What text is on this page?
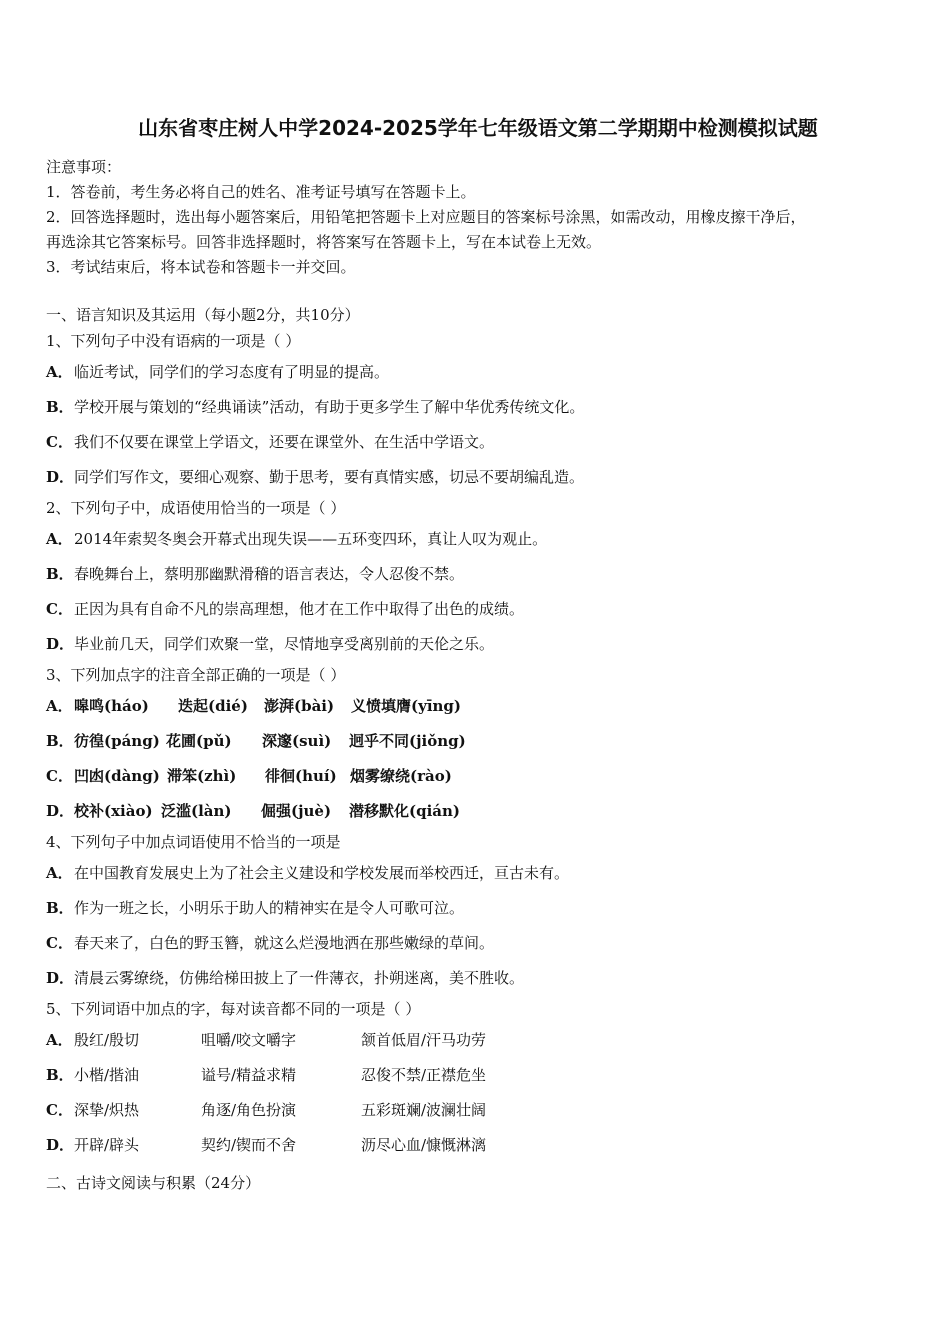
山东省枣庄树人中学2024-2025学年七年级语文第二学期期中检测模拟试题
注意事项：
1．答卷前，考生务必将自己的姓名、准考证号填写在答题卡上。
2．回答选择题时，选出每小题答案后，用铅笔把答题卡上对应题目的答案标号涂黑，如需改动，用橡皮擦干净后，
再选涂其它答案标号。回答非选择题时，将答案写在答题卡上，写在本试卷上无效。
3．考试结束后，将本试卷和答题卡一并交回。
一、语言知识及其运用（每小题2分，共10分）
1、下列句子中没有语病的一项是（ ）
A．临近考试，同学们的学习态度有了明显的提高。
B．学校开展与策划的“经典诵读”活动，有助于更多学生了解中华优秀传统文化。
C．我们不仅要在课堂上学语文，还要在课堂外、在生活中学语文。
D．同学们写作文，要细心观察、勤于思考，要有真情实感，切忌不要胡编乱造。
2、下列句子中，成语使用恰当的一项是（ ）
A．2014年索契冬奥会开幕式出现失误——五环变四环，真让人叹为观止。
B．春晚舞台上，蔡明那幽默滑稽的语言表达，令人忍俊不禁。
C．正因为具有自命不凡的崇高理想，他才在工作中取得了出色的成绩。
D．毕业前几天，同学们欢聚一堂，尽情地享受离别前的天伦之乐。
3、下列加点字的注音全部正确的一项是（ ）
A．嗥鸣(háo) 迭起(dié) 澎湃(bài) 义愤填膺(yīng)
B．彷徨(páng) 花圃(pǔ) 深邃(suì) 迥乎不同(jiǒng)
C．凹凼(dàng) 滞笨(zhì) 徘徊(huí) 烟雾缭绕(rào)
D．校补(xiào) 泛滥(làn) 倔强(juè) 潜移默化(qián)
4、下列句子中加点词语使用不恰当的一项是
A．在中国教育发展史上为了社会主义建设和学校发展而举校西迁，亘古未有。
B．作为一班之长，小明乐于助人的精神实在是令人可歌可泣。
C．春天来了，白色的野玉簪，就这么烂漫地洒在那些嫩绿的草间。
D．清晨云雾缭绕，仿佛给梯田披上了一件薄衣，扑朔迷离，美不胜收。
5、下列词语中加点的字，每对读音都不同的一项是（ ）
A．殷红/殷切	咀嚼/咬文嚼字	颔首低眉/汗马功劳
B．小楷/揩油	谥号/精益求精	忍俊不禁/正襟危坐
C．深挚/炽热	角逐/角色扮演	五彩斑斓/波澜壮阔
D．开辟/辟头	契约/锲而不舍	沥尽心血/慷慨淋漓
二、古诗文阅读与积累（24分）
